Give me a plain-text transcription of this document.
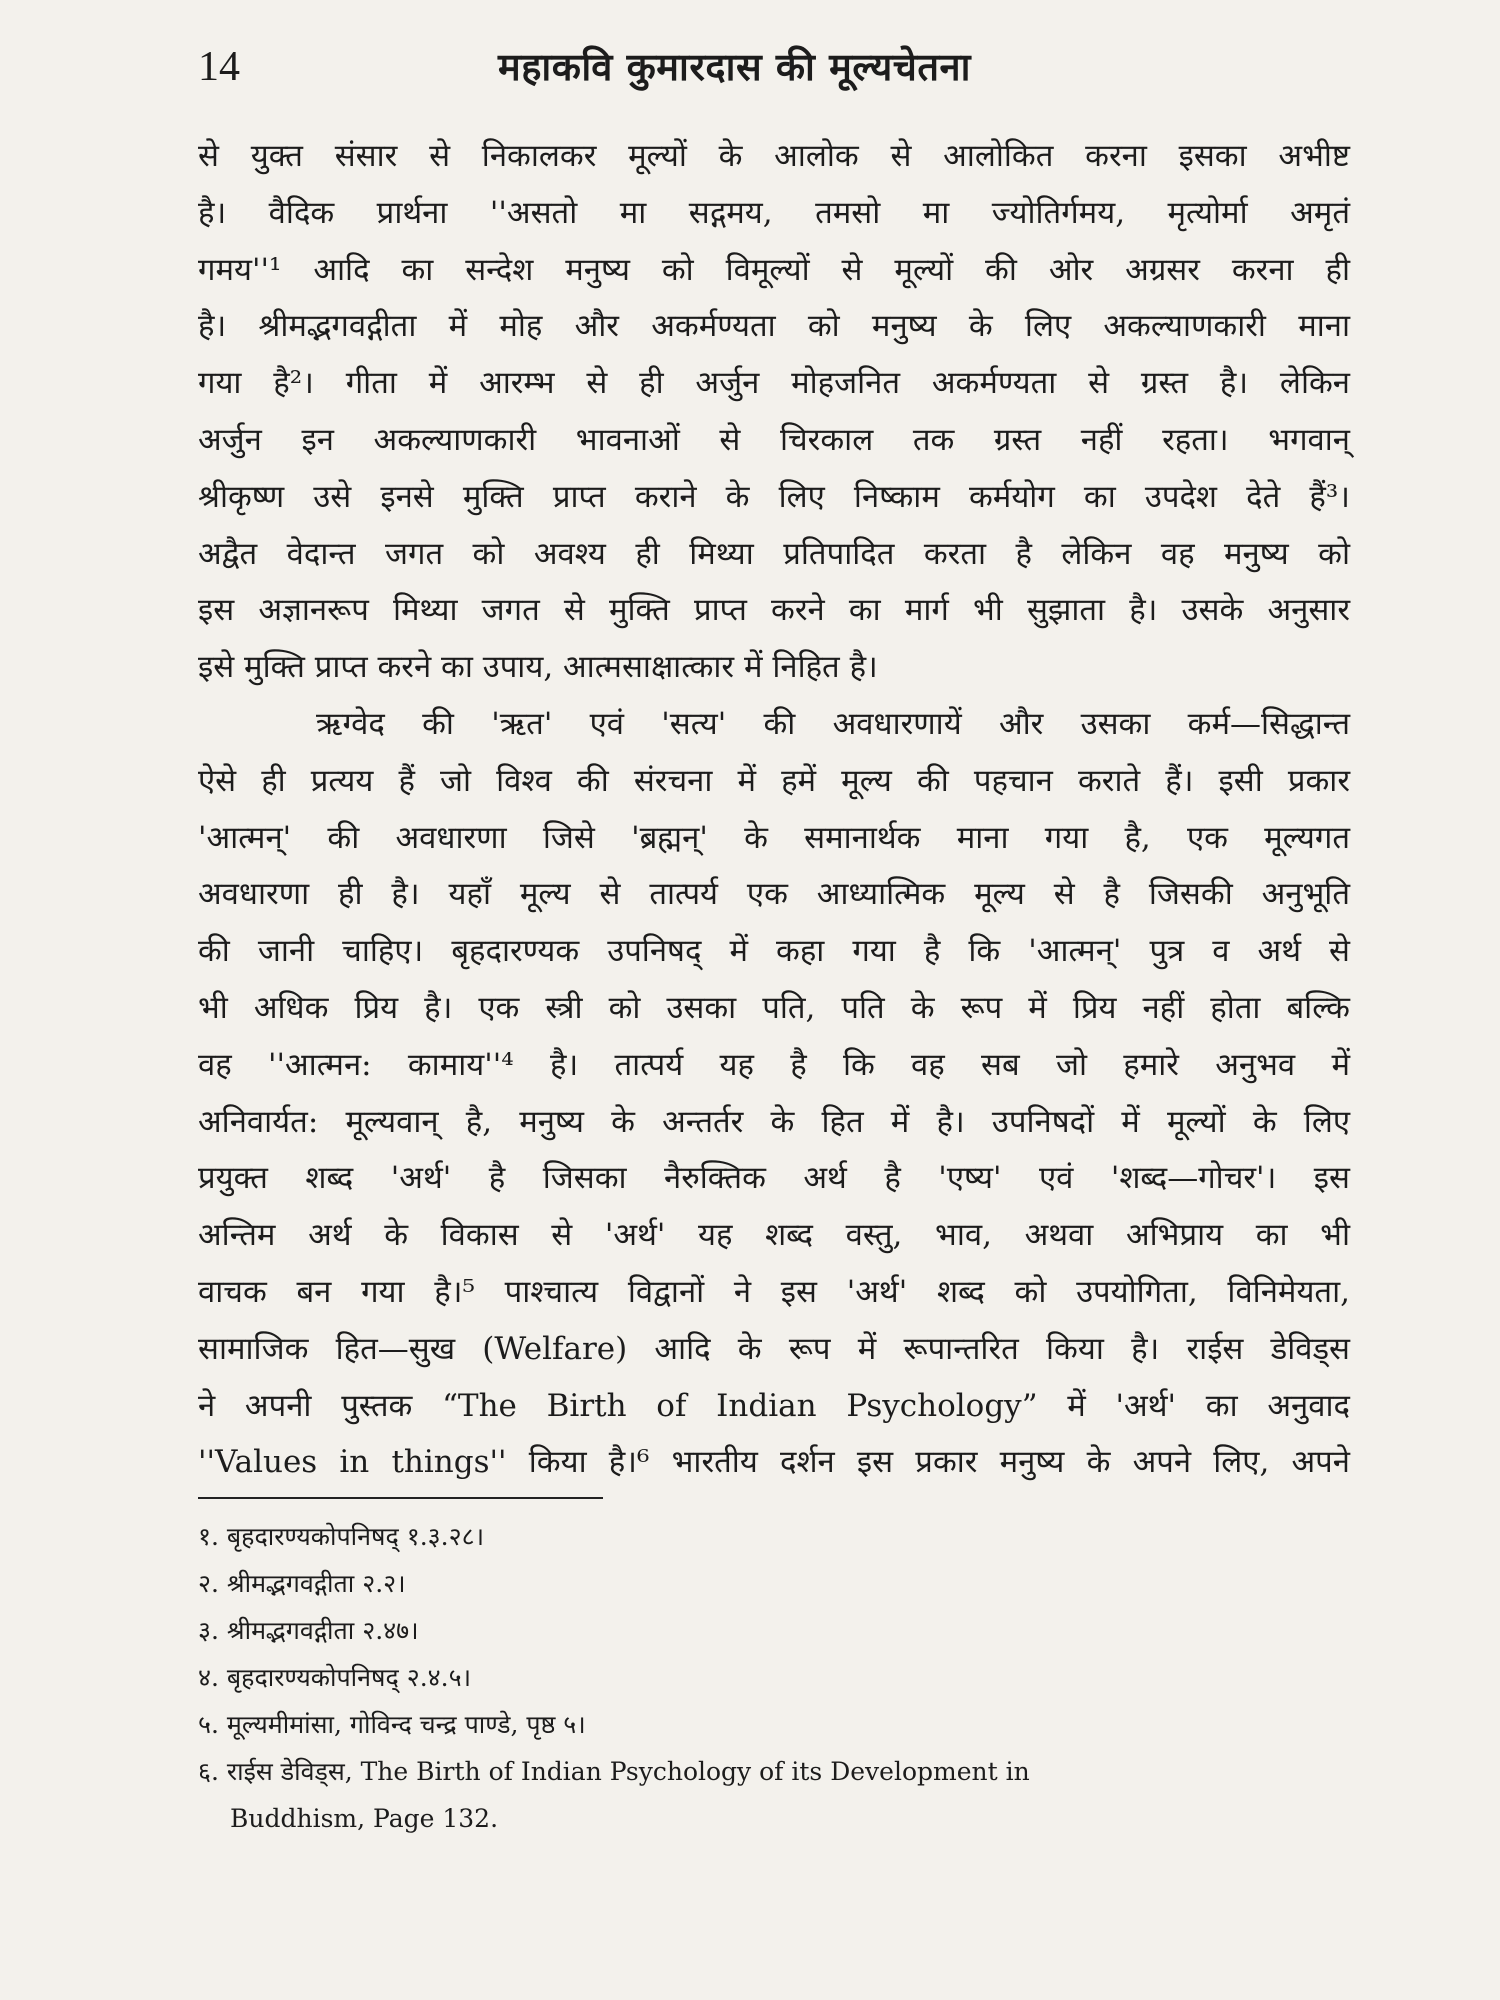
14	महाकवि कुमारदास की मूल्यचेतना
से युक्त संसार से निकालकर मूल्यों के आलोक से आलोकित करना इसका अभीष्ट
है। वैदिक प्रार्थना ''असतो मा सद्गमय, तमसो मा ज्योतिर्गमय, मृत्योर्मा अमृतं
गमय''¹ आदि का सन्देश मनुष्य को विमूल्यों से मूल्यों की ओर अग्रसर करना ही
है। श्रीमद्भगवद्गीता में मोह और अकर्मण्यता को मनुष्य के लिए अकल्याणकारी माना
गया है²। गीता में आरम्भ से ही अर्जुन मोहजनित अकर्मण्यता से ग्रस्त है। लेकिन
अर्जुन इन अकल्याणकारी भावनाओं से चिरकाल तक ग्रस्त नहीं रहता। भगवान्
श्रीकृष्ण उसे इनसे मुक्ति प्राप्त कराने के लिए निष्काम कर्मयोग का उपदेश देते हैं³।
अद्वैत वेदान्त जगत को अवश्य ही मिथ्या प्रतिपादित करता है लेकिन वह मनुष्य को
इस अज्ञानरूप मिथ्या जगत से मुक्ति प्राप्त करने का मार्ग भी सुझाता है। उसके अनुसार
इसे मुक्ति प्राप्त करने का उपाय, आत्मसाक्षात्कार में निहित है।
ऋग्वेद की 'ऋत' एवं 'सत्य' की अवधारणायें और उसका कर्म—सिद्धान्त
ऐसे ही प्रत्यय हैं जो विश्व की संरचना में हमें मूल्य की पहचान कराते हैं। इसी प्रकार
'आत्मन्' की अवधारणा जिसे 'ब्रह्मन्' के समानार्थक माना गया है, एक मूल्यगत
अवधारणा ही है। यहाँ मूल्य से तात्पर्य एक आध्यात्मिक मूल्य से है जिसकी अनुभूति
की जानी चाहिए। बृहदारण्यक उपनिषद् में कहा गया है कि 'आत्मन्' पुत्र व अर्थ से
भी अधिक प्रिय है। एक स्त्री को उसका पति, पति के रूप में प्रिय नहीं होता बल्कि
वह ''आत्मन: कामाय''⁴ है। तात्पर्य यह है कि वह सब जो हमारे अनुभव में
अनिवार्यत: मूल्यवान् है, मनुष्य के अन्तर्तर के हित में है। उपनिषदों में मूल्यों के लिए
प्रयुक्त शब्द 'अर्थ' है जिसका नैरुक्तिक अर्थ है 'एष्य' एवं 'शब्द—गोचर'। इस
अन्तिम अर्थ के विकास से 'अर्थ' यह शब्द वस्तु, भाव, अथवा अभिप्राय का भी
वाचक बन गया है।⁵ पाश्चात्य विद्वानों ने इस 'अर्थ' शब्द को उपयोगिता, विनिमेयता,
सामाजिक हित—सुख (Welfare) आदि के रूप में रूपान्तरित किया है। राईस डेविड्स
ने अपनी पुस्तक “The Birth of Indian Psychology” में 'अर्थ' का अनुवाद
''Values in things'' किया है।⁶ भारतीय दर्शन इस प्रकार मनुष्य के अपने लिए, अपने
१. बृहदारण्यकोपनिषद् १.३.२८।
२. श्रीमद्भगवद्गीता २.२।
३. श्रीमद्भगवद्गीता २.४७।
४. बृहदारण्यकोपनिषद् २.४.५।
५. मूल्यमीमांसा, गोविन्द चन्द्र पाण्डे, पृष्ठ ५।
६. राईस डेविड्स, The Birth of Indian Psychology of its Development in
Buddhism, Page 132.
